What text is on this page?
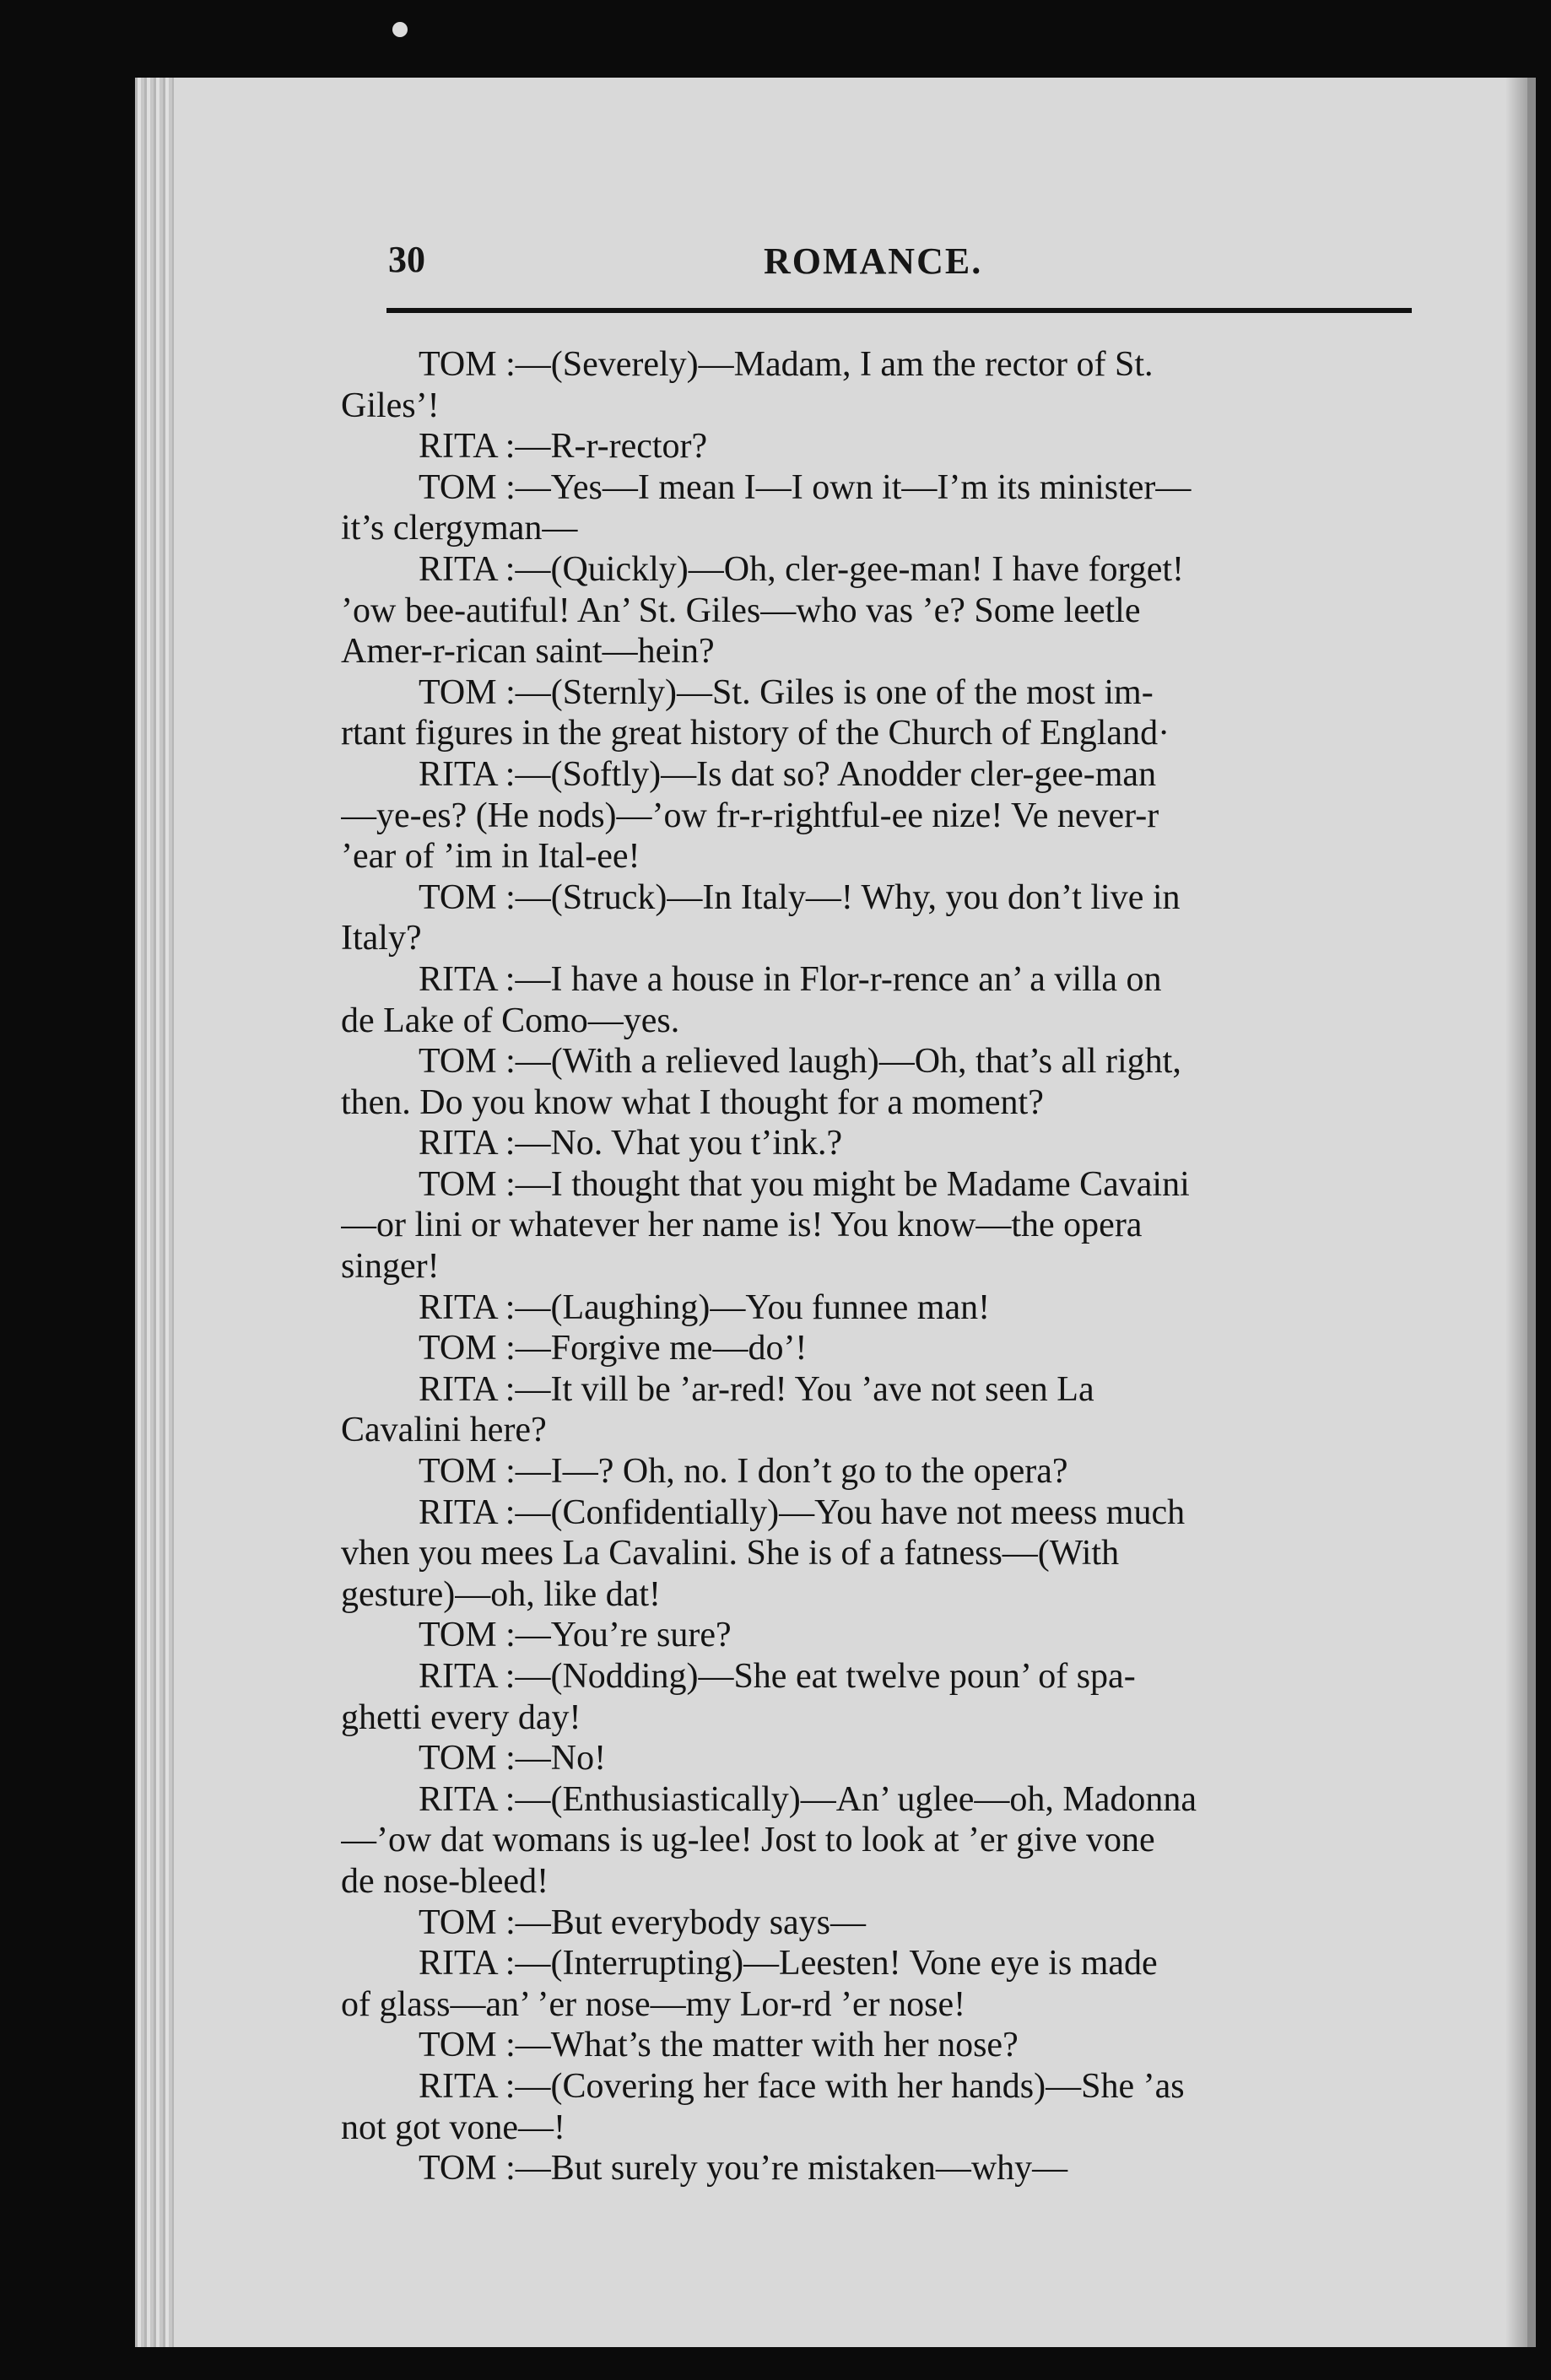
30	ROMANCE.
TOM :—(Severely)—Madam, I am the rector of St.
Giles’!
RITA :—R-r-rector?
TOM :—Yes—I mean I—I own it—I’m its minister—
it’s clergyman—
RITA :—(Quickly)—Oh, cler-gee-man! I have forget!
’ow bee-autiful! An’ St. Giles—who vas ’e? Some leetle
Amer-r-rican saint—hein?
TOM :—(Sternly)—St. Giles is one of the most im-
rtant figures in the great history of the Church of England·
RITA :—(Softly)—Is dat so? Anodder cler-gee-man
—ye-es? (He nods)—’ow fr-r-rightful-ee nize! Ve never-r
’ear of ’im in Ital-ee!
TOM :—(Struck)—In Italy—! Why, you don’t live in
Italy?
RITA :—I have a house in Flor-r-rence an’ a villa on
de Lake of Como—yes.
TOM :—(With a relieved laugh)—Oh, that’s all right,
then. Do you know what I thought for a moment?
RITA :—No. Vhat you t’ink.?
TOM :—I thought that you might be Madame Cavaini
—or lini or whatever her name is! You know—the opera
singer!
RITA :—(Laughing)—You funnee man!
TOM :—Forgive me—do’!
RITA :—It vill be ’ar-red! You ’ave not seen La
Cavalini here?
TOM :—I—? Oh, no. I don’t go to the opera?
RITA :—(Confidentially)—You have not meess much
vhen you mees La Cavalini. She is of a fatness—(With
gesture)—oh, like dat!
TOM :—You’re sure?
RITA :—(Nodding)—She eat twelve poun’ of spa-
ghetti every day!
TOM :—No!
RITA :—(Enthusiastically)—An’ uglee—oh, Madonna
—’ow dat womans is ug-lee! Jost to look at ’er give vone
de nose-bleed!
TOM :—But everybody says—
RITA :—(Interrupting)—Leesten! Vone eye is made
of glass—an’ ’er nose—my Lor-rd ’er nose!
TOM :—What’s the matter with her nose?
RITA :—(Covering her face with her hands)—She ’as
not got vone—!
TOM :—But surely you’re mistaken—why—
